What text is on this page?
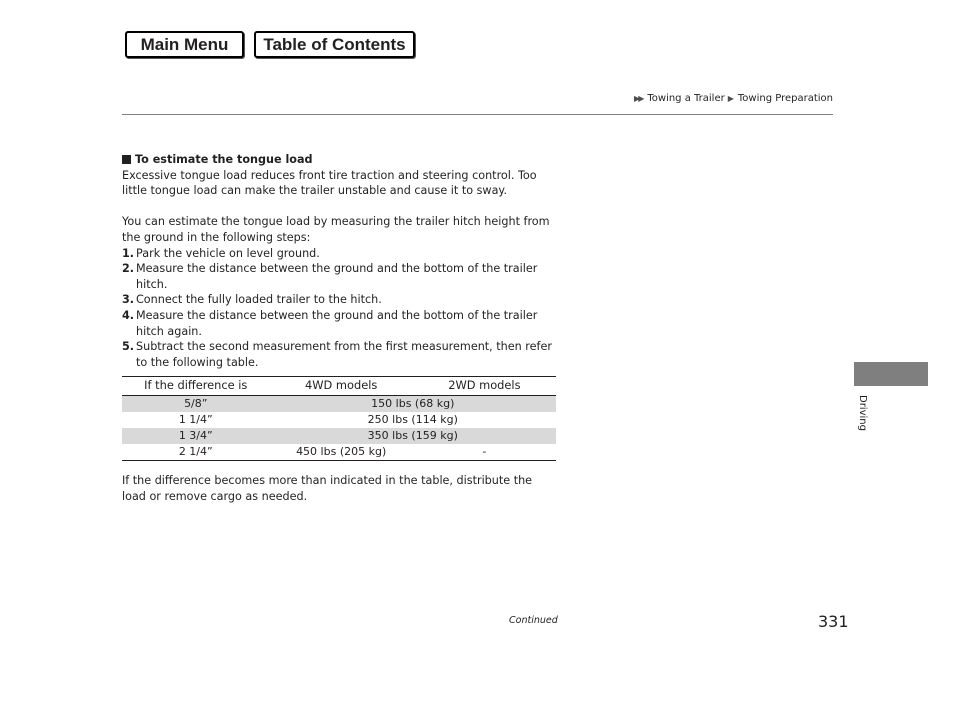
Main Menu	Table of Contents
▶▶ Towing a Trailer ▶ Towing Preparation
To estimate the tongue load

Excessive tongue load reduces front tire traction and steering control. Too little tongue load can make the trailer unstable and cause it to sway.

You can estimate the tongue load by measuring the trailer hitch height from the ground in the following steps:

1. Park the vehicle on level ground.
2. Measure the distance between the ground and the bottom of the trailer hitch.
3. Connect the fully loaded trailer to the hitch.
4. Measure the distance between the ground and the bottom of the trailer hitch again.
5. Subtract the second measurement from the first measurement, then refer to the following table.
If the difference is	4WD models	2WD models
5/8”	150 lbs (68 kg)	
1 1/4”	250 lbs (114 kg)	
1 3/4”	350 lbs (159 kg)	
2 1/4”	450 lbs (205 kg)	-

If the difference becomes more than indicated in the table, distribute the load or remove cargo as needed.

Driving
Continued	331
